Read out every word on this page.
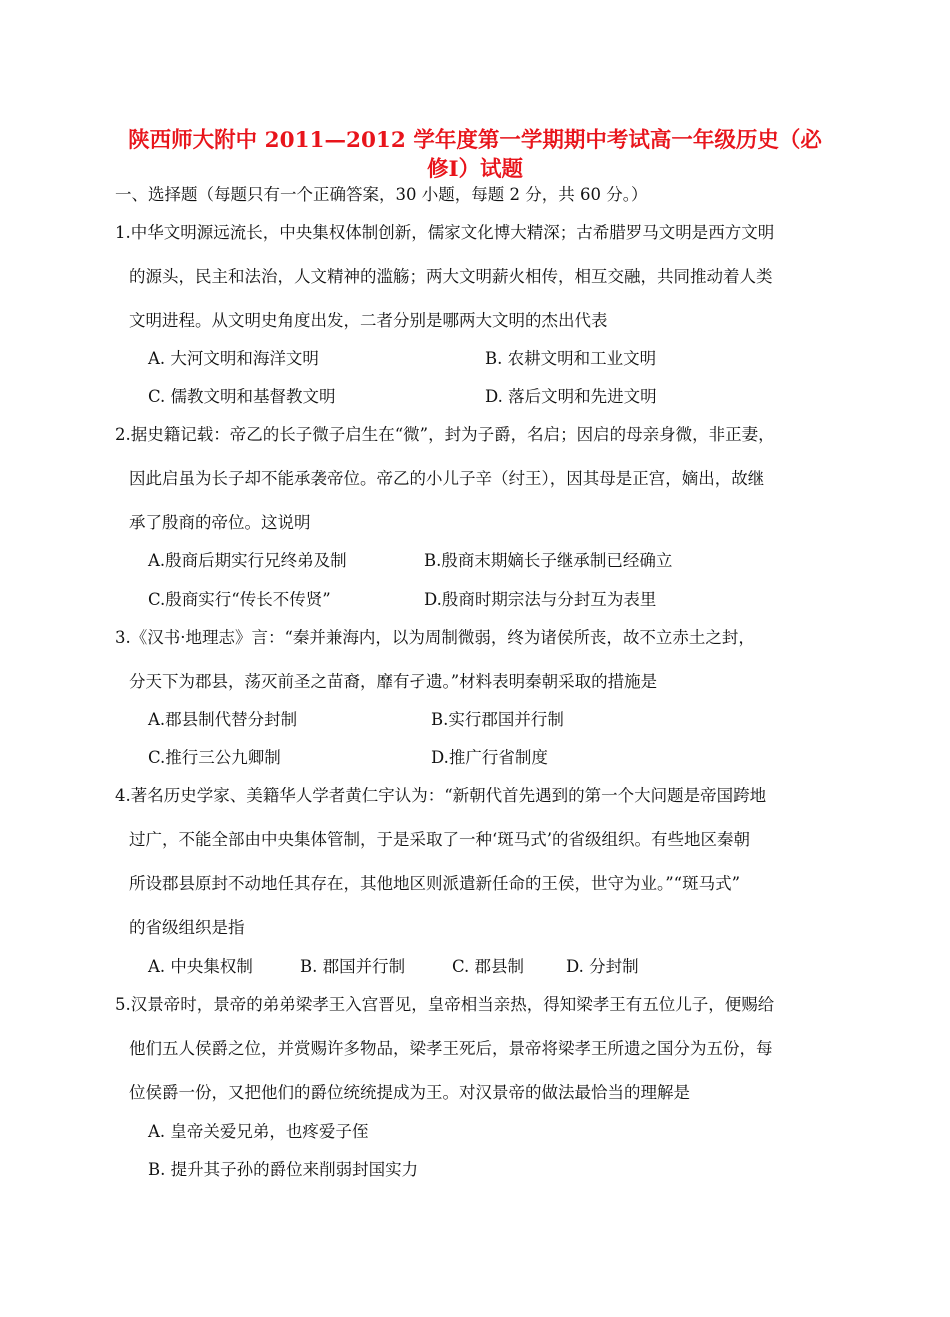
陕西师大附中 2011—2012 学年度第一学期期中考试高一年级历史（必
修Ⅰ）试题
一、选择题（每题只有一个正确答案，30 小题，每题 2 分，共 60 分。）
1.中华文明源远流长，中央集权体制创新，儒家文化博大精深；古希腊罗马文明是西方文明
的源头，民主和法治，人文精神的滥觞；两大文明薪火相传，相互交融，共同推动着人类
文明进程。从文明史角度出发，二者分别是哪两大文明的杰出代表
A. 大河文明和海洋文明	B. 农耕文明和工业文明
C. 儒教文明和基督教文明	D. 落后文明和先进文明
2.据史籍记载：帝乙的长子微子启生在“微”，封为子爵，名启；因启的母亲身微，非正妻，
因此启虽为长子却不能承袭帝位。帝乙的小儿子辛（纣王），因其母是正宫，嫡出，故继
承了殷商的帝位。这说明
A.殷商后期实行兄终弟及制	B.殷商末期嫡长子继承制已经确立
C.殷商实行“传长不传贤”	D.殷商时期宗法与分封互为表里
3.《汉书·地理志》言：“秦并兼海内，以为周制微弱，终为诸侯所丧，故不立赤土之封，
分天下为郡县，荡灭前圣之苗裔，靡有孑遗。”材料表明秦朝采取的措施是
A.郡县制代替分封制	B.实行郡国并行制
C.推行三公九卿制	D.推广行省制度
4.著名历史学家、美籍华人学者黄仁宇认为：“新朝代首先遇到的第一个大问题是帝国跨地
过广，不能全部由中央集体管制，于是采取了一种‘斑马式’的省级组织。有些地区秦朝
所设郡县原封不动地任其存在，其他地区则派遣新任命的王侯，世守为业。”“斑马式”
的省级组织是指
A. 中央集权制	B. 郡国并行制	C. 郡县制	D. 分封制
5.汉景帝时，景帝的弟弟梁孝王入宫晋见，皇帝相当亲热，得知梁孝王有五位儿子，便赐给
他们五人侯爵之位，并赏赐许多物品，梁孝王死后，景帝将梁孝王所遗之国分为五份，每
位侯爵一份，又把他们的爵位统统提成为王。对汉景帝的做法最恰当的理解是
A. 皇帝关爱兄弟，也疼爱子侄
B. 提升其子孙的爵位来削弱封国实力
